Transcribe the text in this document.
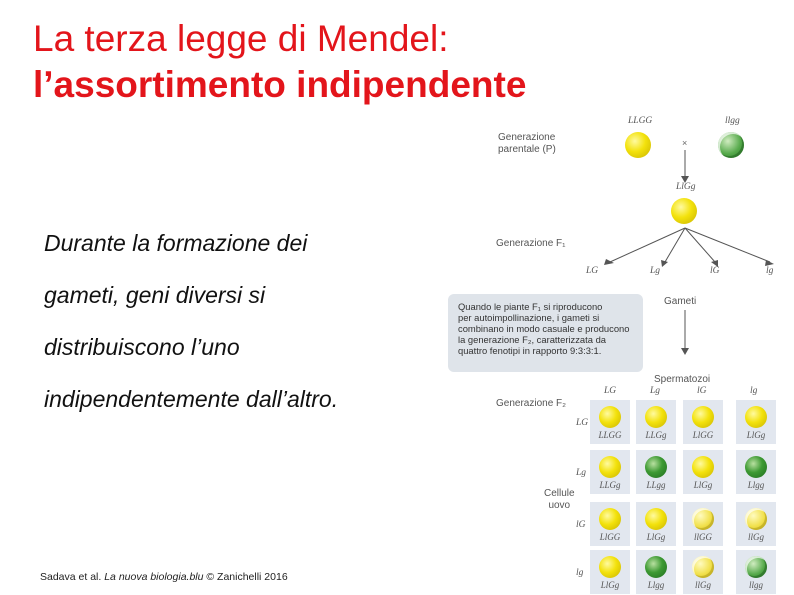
La terza legge di Mendel:
l’assortimento indipendente
Durante la formazione dei
gameti, geni diversi si
distribuiscono l’uno
indipendentemente dall’altro.
Sadava et al. La nuova biologia.blu © Zanichelli 2016
Generazione
parentale (P)
LLGG	llgg
×
LlGg
Generazione F₁
LG	Lg	lG	lg
Gameti
Quando le piante F₁ si riproducono
per autoimpollinazione, i gameti si
combinano in modo casuale e producono
la generazione F₂, caratterizzata da
quattro fenotipi in rapporto 9:3:3:1.
Spermatozoi
Generazione F₂
Cellule
uovo
LG	Lg	lG	lg
LG
LLGG	LLGg	LlGG	LlGg
Lg
LLGg	LLgg	LlGg	Llgg
lG
LlGG	LlGg	llGG	llGg
lg
LlGg	Llgg	llGg	llgg
